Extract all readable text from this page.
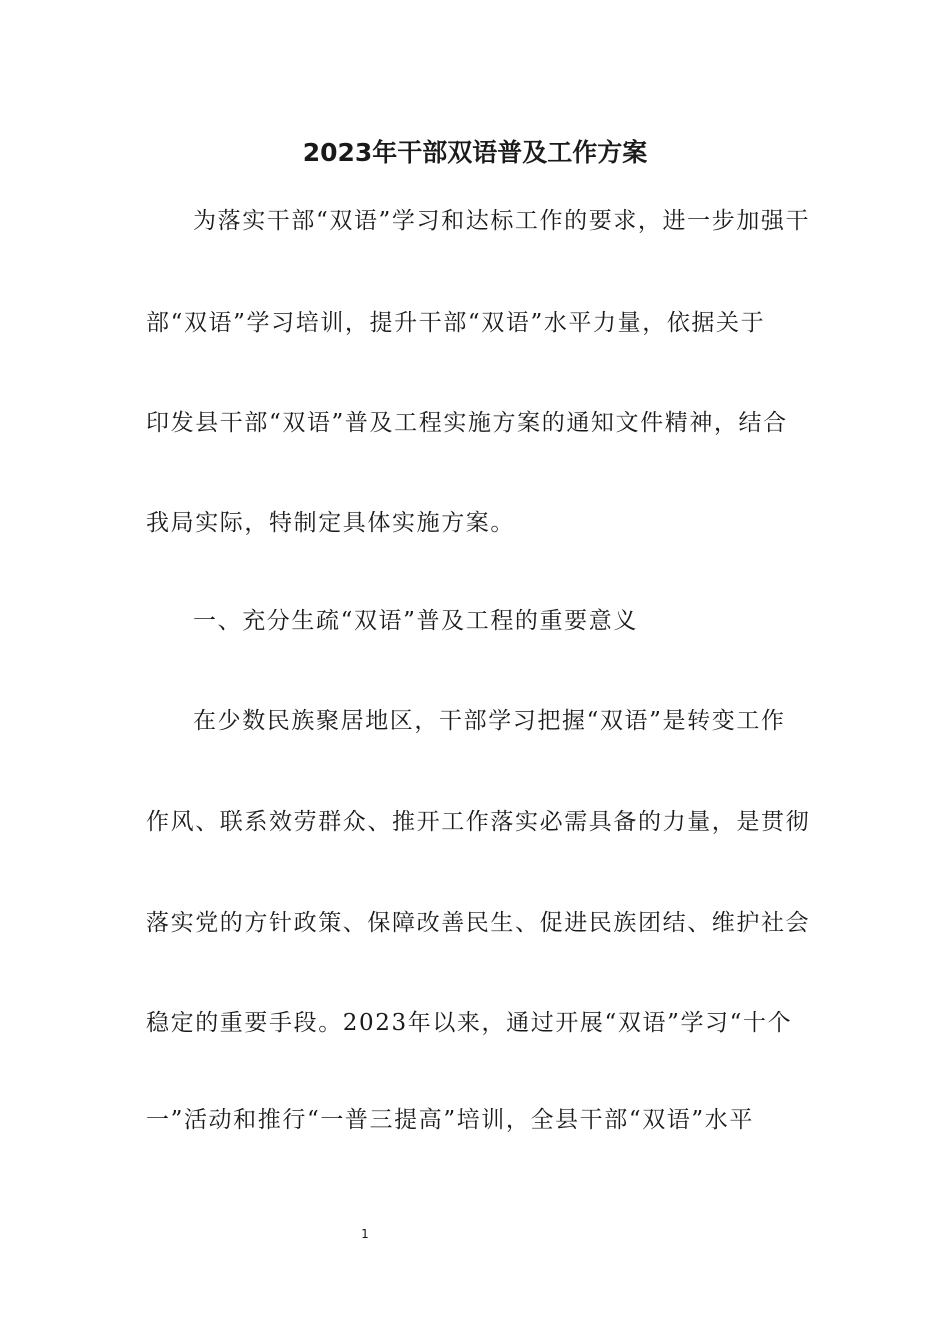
2023年干部双语普及工作方案

为落实干部“双语”学习和达标工作的要求，进一步加强干

部“双语”学习培训，提升干部“双语”水平力量，依据关于

印发县干部“双语”普及工程实施方案的通知文件精神，结合

我局实际，特制定具体实施方案。

一、充分生疏“双语”普及工程的重要意义

在少数民族聚居地区，干部学习把握“双语”是转变工作

作风、联系效劳群众、推开工作落实必需具备的力量，是贯彻

落实党的方针政策、保障改善民生、促进民族团结、维护社会

稳定的重要手段。2023年以来，通过开展“双语”学习“十个

一”活动和推行“一普三提高”培训，全县干部“双语”水平

1
